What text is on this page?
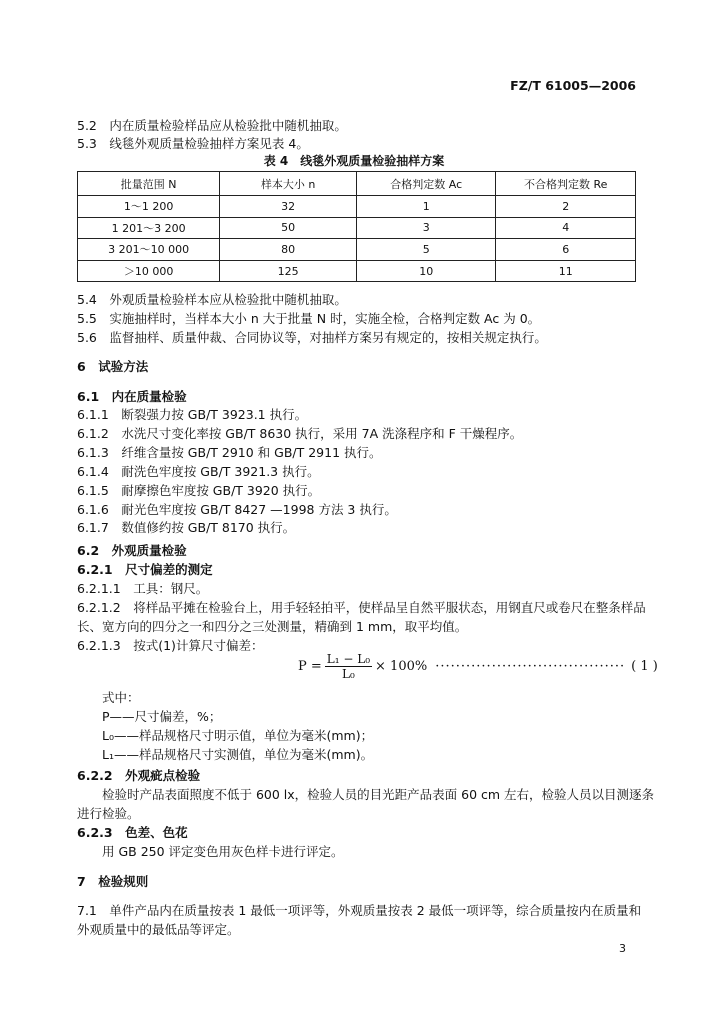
FZ/T 61005—2006
5.2　 内在质量检验样品应从检验批中随机抽取。
5.3　 线毯外观质量检验抽样方案见表 4。
表 4　线毯外观质量检验抽样方案
批量范围 N	样本大小 n	合格判定数 Ac	不合格判定数 Re
1～1 200	32	1	2
1 201～3 200	50	3	4
3 201～10 000	80	5	6
＞10 000	125	10	11
5.4　 外观质量检验样本应从检验批中随机抽取。
5.5　 实施抽样时，当样本大小 n 大于批量 N 时，实施全检，合格判定数 Ac 为 0。
5.6　 监督抽样、质量仲裁、合同协议等，对抽样方案另有规定的，按相关规定执行。
6　试验方法
6.1　内在质量检验
6.1.1　 断裂强力按 GB/T 3923.1 执行。
6.1.2　 水洗尺寸变化率按 GB/T 8630 执行，采用 7A 洗涤程序和 F 干燥程序。
6.1.3　 纤维含量按 GB/T 2910 和 GB/T 2911 执行。
6.1.4　 耐洗色牢度按 GB/T 3921.3 执行。
6.1.5　 耐摩擦色牢度按 GB/T 3920 执行。
6.1.6　 耐光色牢度按 GB/T 8427 —1998 方法 3 执行。
6.1.7　 数值修约按 GB/T 8170 执行。
6.2　外观质量检验
6.2.1　尺寸偏差的测定
6.2.1.1　工具：钢尺。
6.2.1.2　将样品平摊在检验台上，用手轻轻拍平，使样品呈自然平服状态，用钢直尺或卷尺在整条样品
长、宽方向的四分之一和四分之三处测量，精确到 1 mm，取平均值。
6.2.1.3　按式(1)计算尺寸偏差：
$P = \frac{\text{L₁ − L₀}}{\text{L₀}} \times 100\%$ ····································· ( 1 )
式中：
P——尺寸偏差，%；
L₀——样品规格尺寸明示值，单位为毫米(mm)；
L₁——样品规格尺寸实测值，单位为毫米(mm)。
6.2.2　外观疵点检验
检验时产品表面照度不低于 600 lx，检验人员的目光距产品表面 60 cm 左右，检验人员以目测逐条
进行检验。
6.2.3　色差、色花
用 GB 250 评定变色用灰色样卡进行评定。
7　检验规则
7.1　单件产品内在质量按表 1 最低一项评等，外观质量按表 2 最低一项评等，综合质量按内在质量和
外观质量中的最低品等评定。
3
